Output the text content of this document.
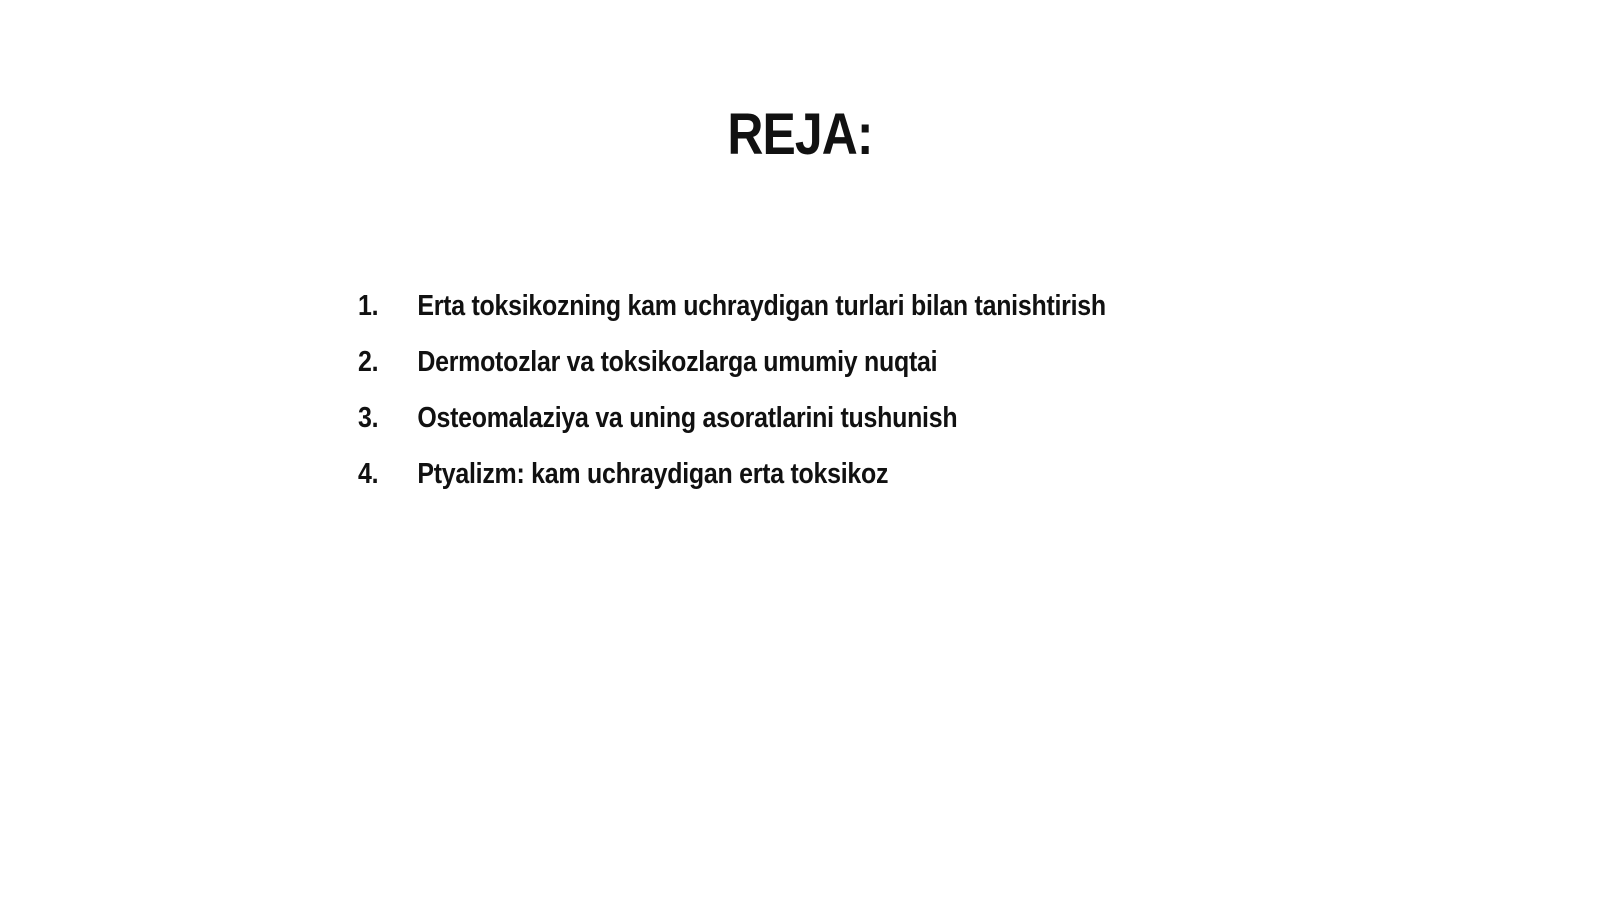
REJA:
1.	Erta toksikozning kam uchraydigan turlari bilan tanishtirish
2.	Dermotozlar va toksikozlarga umumiy nuqtai
3.	Osteomalaziya va uning asoratlarini tushunish
4.	Ptyalizm: kam uchraydigan erta toksikoz
